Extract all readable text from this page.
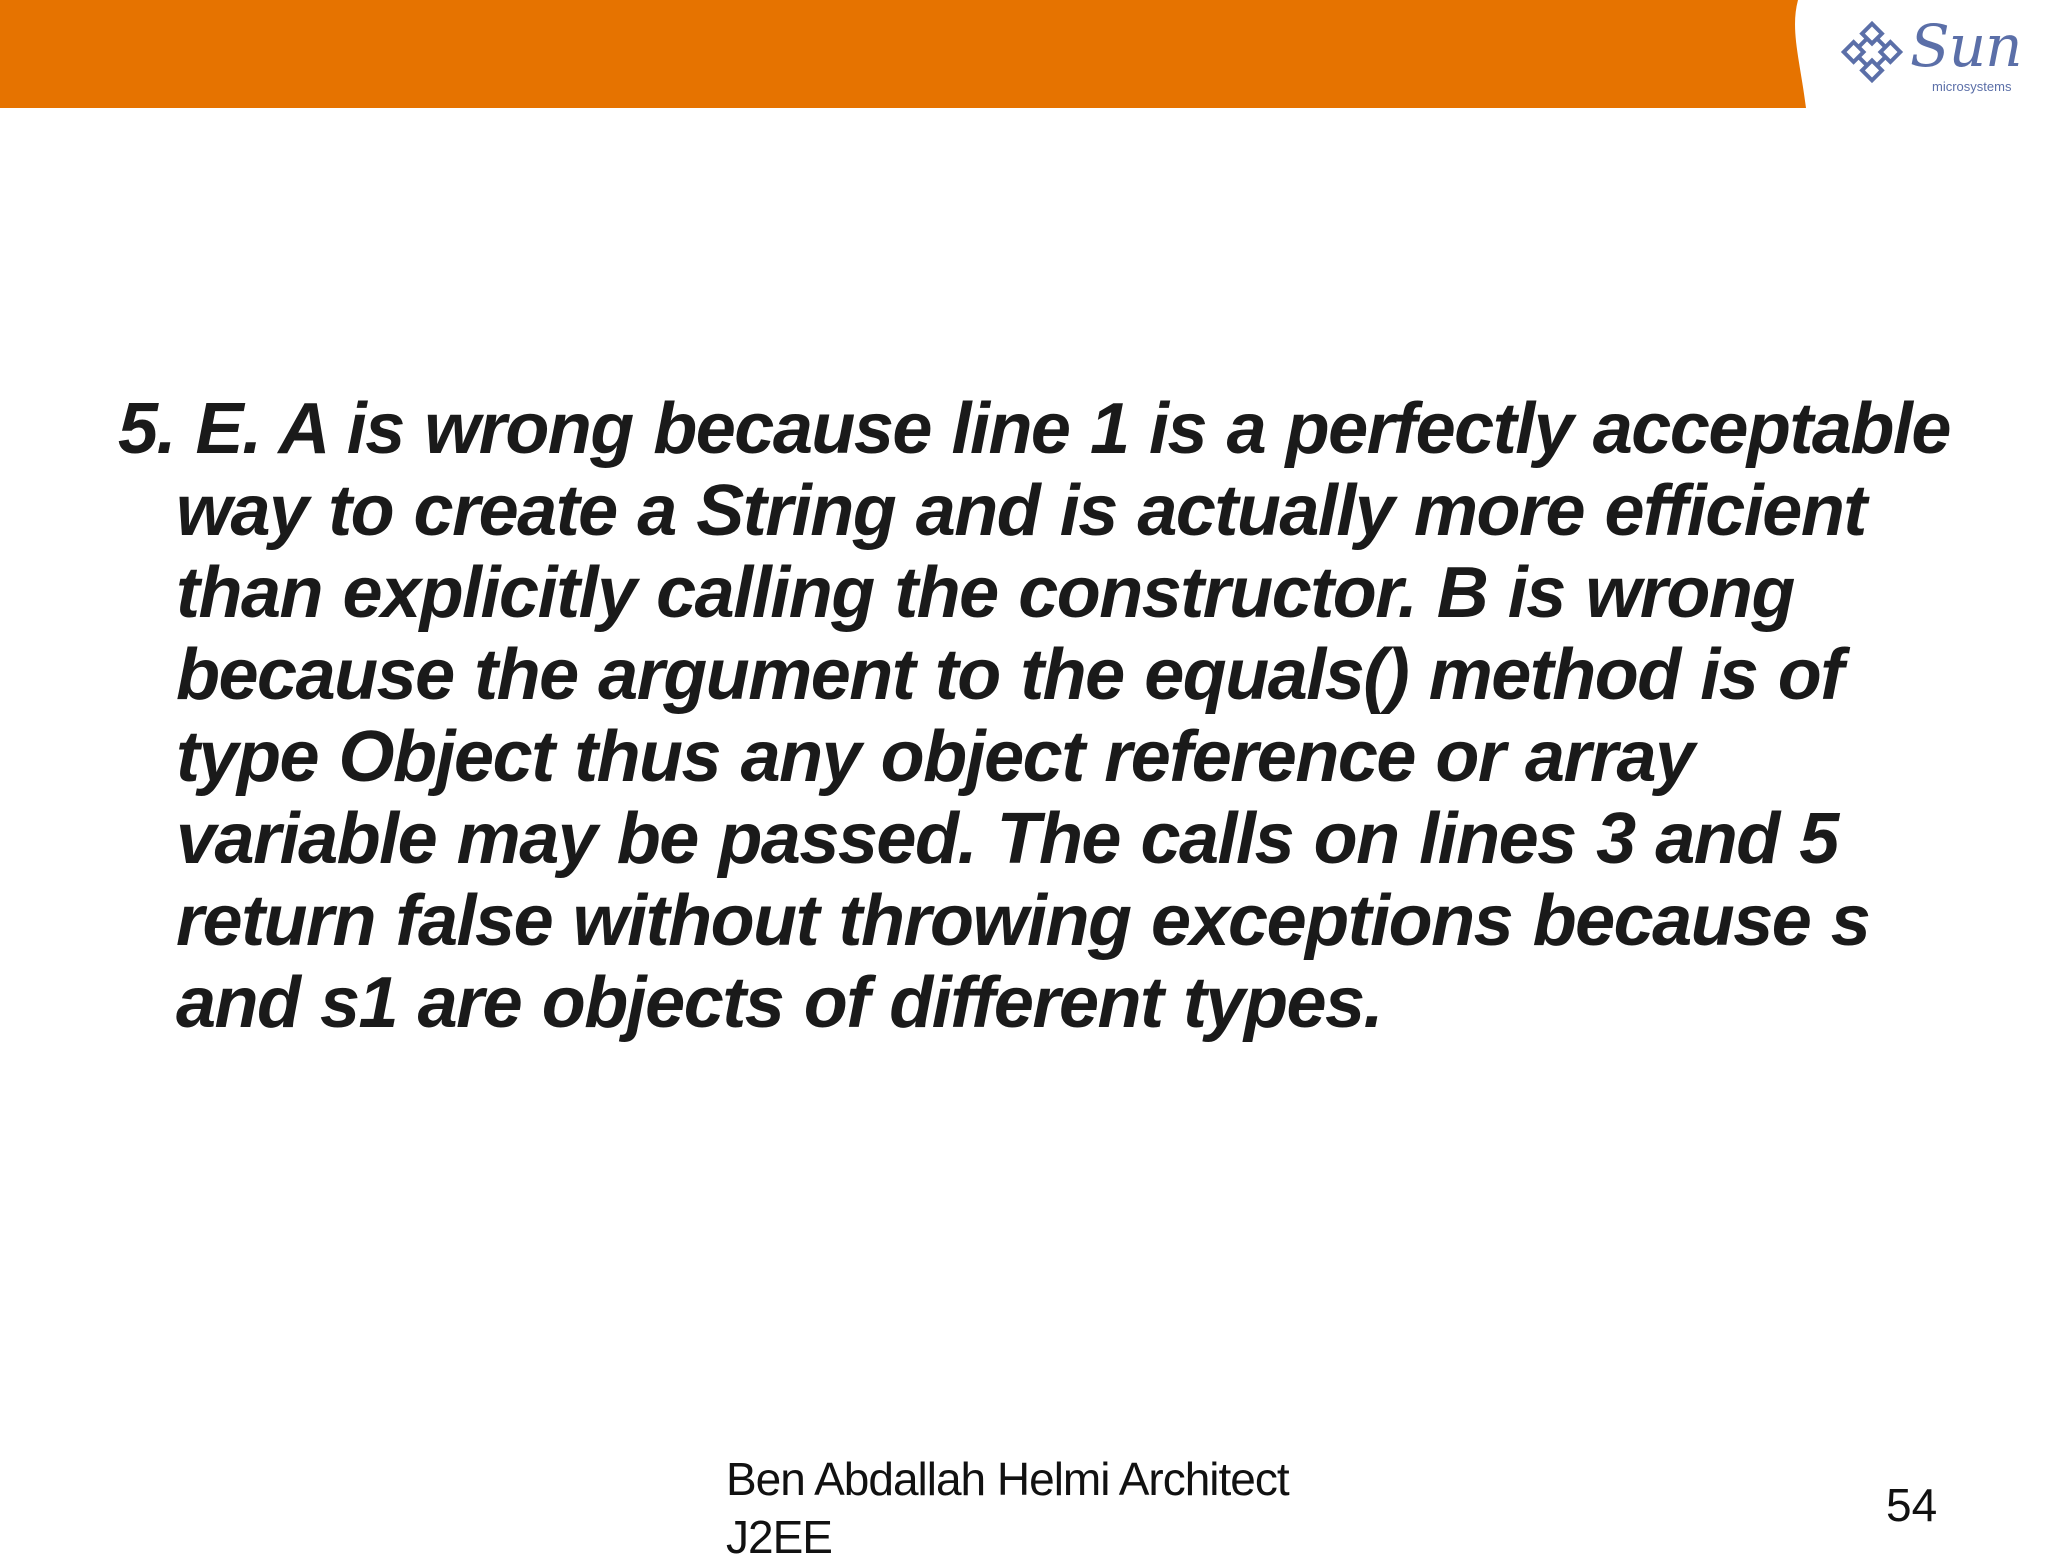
Sun
microsystems

5. E. A is wrong because line 1 is a perfectly acceptable way to create a String and is actually more efficient than explicitly calling the constructor. B is wrong because the argument to the equals() method is of type Object thus any object reference or array variable may be passed. The calls on lines 3 and 5 return false without throwing exceptions because s and s1 are objects of different types.

Ben Abdallah Helmi Architect J2EE
54
